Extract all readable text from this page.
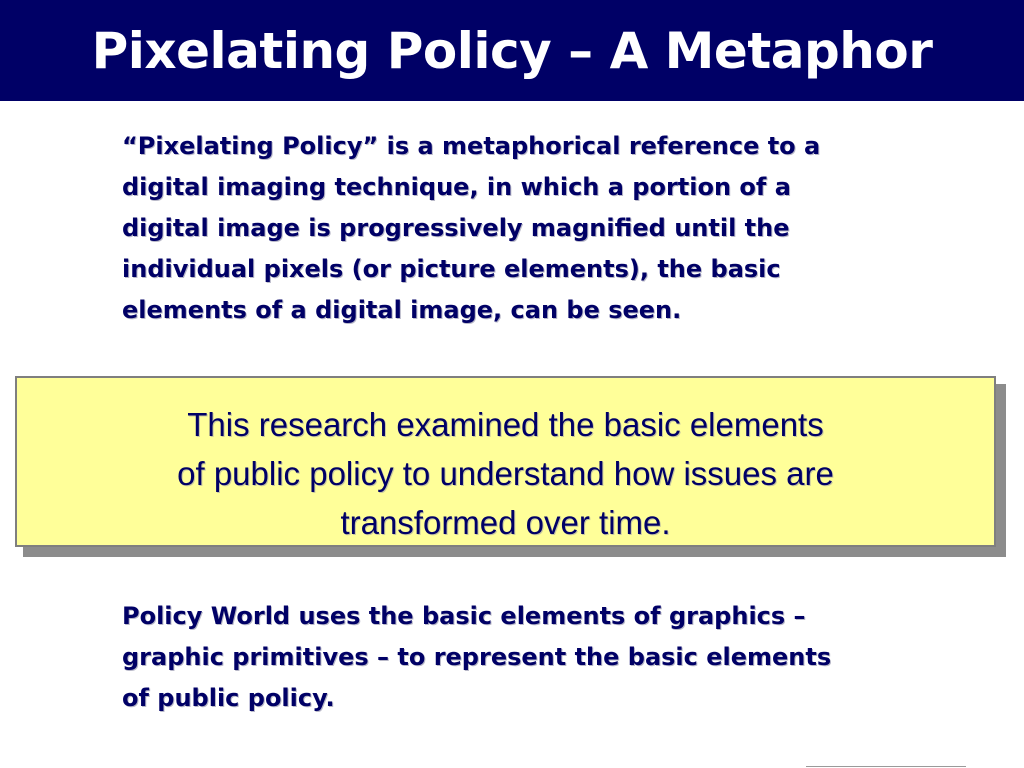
Pixelating Policy – A Metaphor
“Pixelating Policy” is a metaphorical reference to a
digital imaging technique, in which a portion of a
digital image is progressively magnified until the
individual pixels (or picture elements), the basic
elements of a digital image, can be seen.
This research examined the basic elements
of public policy to understand how issues are
transformed over time.
Policy World uses the basic elements of graphics –
graphic primitives – to represent the basic elements
of public policy.
